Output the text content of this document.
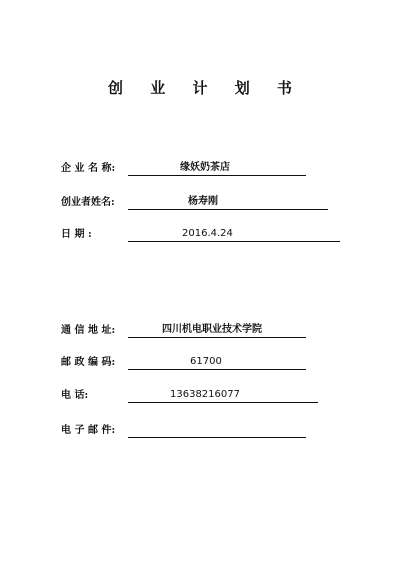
创 业 计 划 书
企 业 名 称:	缘妖奶茶店
创业者姓名:	杨寿刚
日 期 :	2016.4.24
通 信 地 址:	四川机电职业技术学院
邮 政 编 码:	61700
电 话:	13638216077
电 子 邮 件:
